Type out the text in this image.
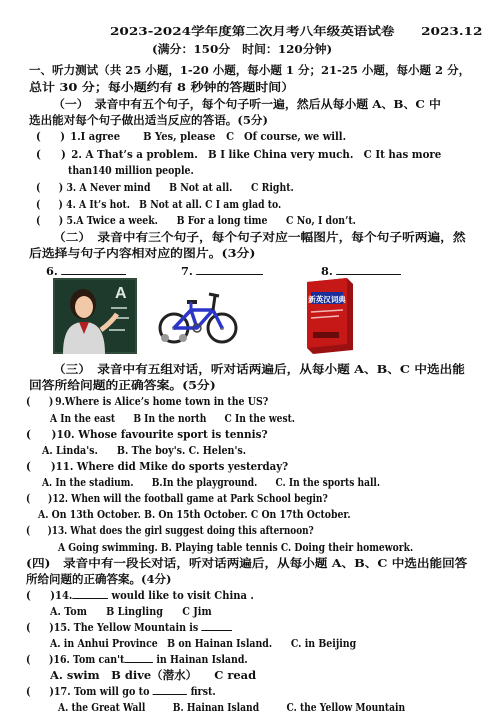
2023-2024学年度第二次月考八年级英语试卷 2023.12
(满分：150分　时间：120分钟)
一、听力测试（共 25 小题，1-20 小题，每小题 1 分；21-25 小题，每小题 2 分，
总计 30 分；每小题约有 8 秒钟的答题时间）
（一）　录音中有五个句子，每个句子听一遍，然后从每小题 A、B、C 中
选出能对每个句子做出适当反应的答语。(5分)
( ) 1.I agree B Yes, please C　Of course, we will.
( ) 2. A That’s a problem.　B I like China very much.　C It has more
than140 million people.
( ) 3. A Never mind　　B Not at all.　　C Right.
( ) 4. A It’s hot.　B Not at all. C I am glad to.
( ) 5.A Twice a week.　　B For a long time　　C No, I don’t.
（二）　录音中有三个句子，每个句子对应一幅图片，每个句子听两遍，然
后选择与句子内容相对应的图片。(3分)
6.	7.	8.
A	新英汉词典
（三）　录音中有五组对话，听对话两遍后，从每小题 A、B、C 中选出能
回答所给问题的正确答案。(5分)
( ) 9.Where is Alice’s home town in the US?
A In the east　　B In the north　　C In the west.
( )10. Whose favourite sport is tennis?
A. Linda's.　　B. The boy's. C. Helen's.
( )11. Where did Mike do sports yesterday?
A. In the stadium.　　B.In the playground.　　C. In the sports hall.
( )12. When will the football game at Park School begin?
A. On 13th October. B. On 15th October. C On 17th October.
( )13. What does the girl suggest doing this afternoon?
A Going swimming. B. Playing table tennis C. Doing their homework.
(四)　录音中有一段长对话，听对话两遍后，从每小题 A、B、C 中选出能回答
所给问题的正确答案。(4分)
( )14.	would like to visit China .
A. Tom　　B Lingling　　C Jim
( )15. The Yellow Mountain is
A. in Anhui Province　B on Hainan Island.　　C. in Beijing
( )16. Tom can't	in Hainan Island.
A. swim　B dive（潜水）　　C read
( )17. Tom will go to	first.
A. the Great Wall　　　B. Hainan Island　　　C. the Yellow Mountain
